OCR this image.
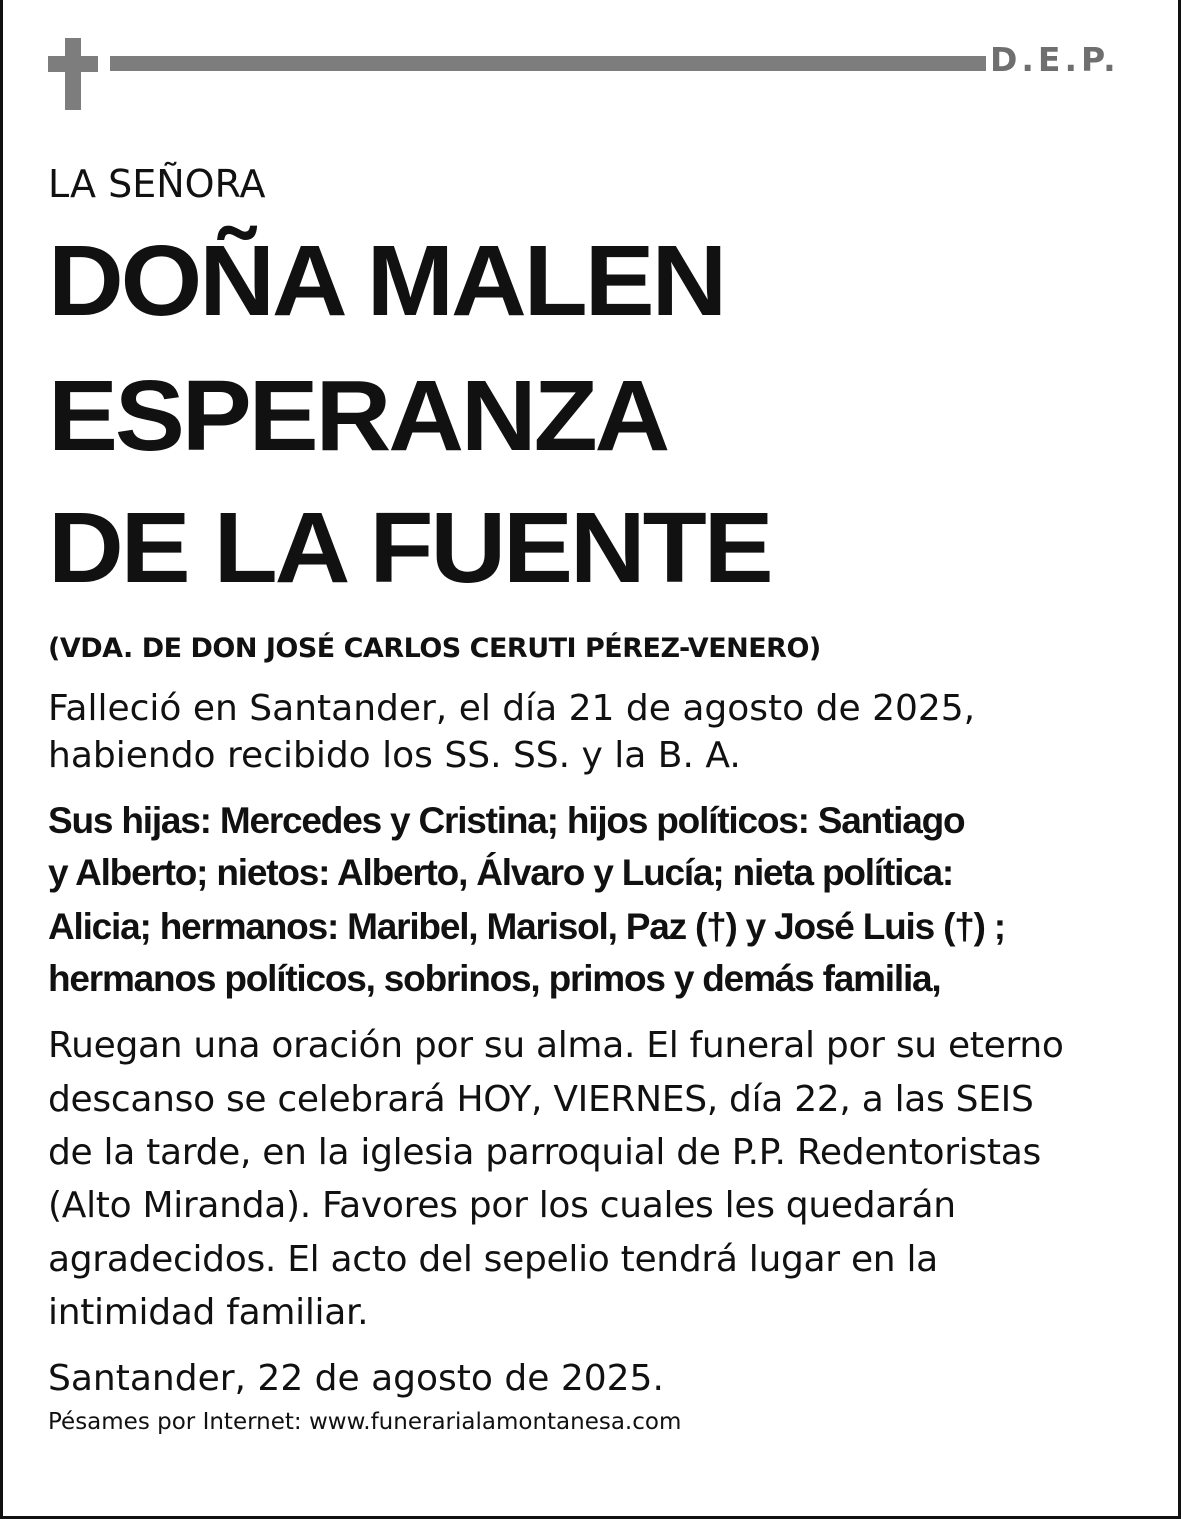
D.E.P.
LA SEÑORA
DOÑA MALEN
ESPERANZA
DE LA FUENTE
(VDA. DE DON JOSÉ CARLOS CERUTI PÉREZ-VENERO)
Falleció en Santander, el día 21 de agosto de 2025,
habiendo recibido los SS. SS. y la B. A.
Sus hijas: Mercedes y Cristina; hijos políticos: Santiago
y Alberto; nietos: Alberto, Álvaro y Lucía; nieta política:
Alicia; hermanos: Maribel, Marisol, Paz (†) y José Luis (†) ;
hermanos políticos, sobrinos, primos y demás familia,
Ruegan una oración por su alma. El funeral por su eterno
descanso se celebrará HOY, VIERNES, día 22, a las SEIS
de la tarde, en la iglesia parroquial de P.P. Redentoristas
(Alto Miranda). Favores por los cuales les quedarán
agradecidos. El acto del sepelio tendrá lugar en la
intimidad familiar.
Santander, 22 de agosto de 2025.
Pésames por Internet: www.funerarialamontanesa.com
